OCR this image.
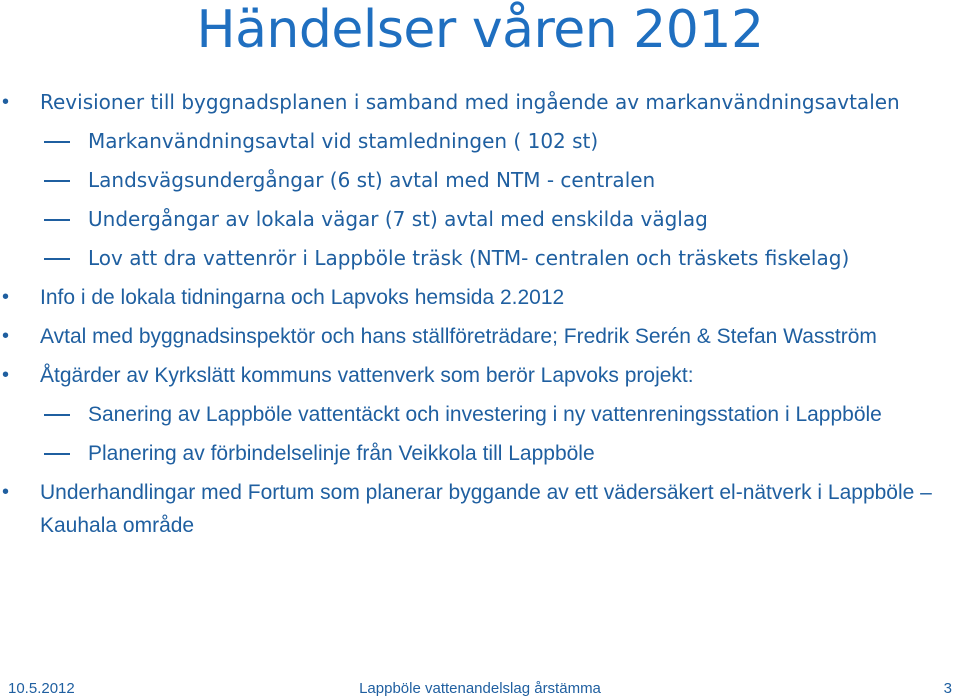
Händelser våren 2012
• Revisioner till byggnadsplanen i samband med ingående av markanvändningsavtalen
Markanvändningsavtal vid stamledningen ( 102 st)
Landsvägsundergångar (6 st) avtal med NTM - centralen
Undergångar av lokala vägar (7 st) avtal med enskilda väglag
Lov att dra vattenrör i Lappböle träsk (NTM- centralen och träskets fiskelag)
• Info i de lokala tidningarna och Lapvoks hemsida 2.2012
• Avtal med byggnadsinspektör och hans ställföreträdare; Fredrik Serén & Stefan Wasström
• Åtgärder av Kyrkslätt kommuns vattenverk som berör Lapvoks projekt:
Sanering av Lappböle vattentäckt och investering i ny vattenreningsstation i Lappböle
Planering av förbindelselinje från Veikkola till Lappböle
• Underhandlingar med Fortum som planerar byggande av ett vädersäkert el-nätverk i Lappböle –Kauhala område
10.5.2012	Lappböle vattenandelslag årstämma	3
